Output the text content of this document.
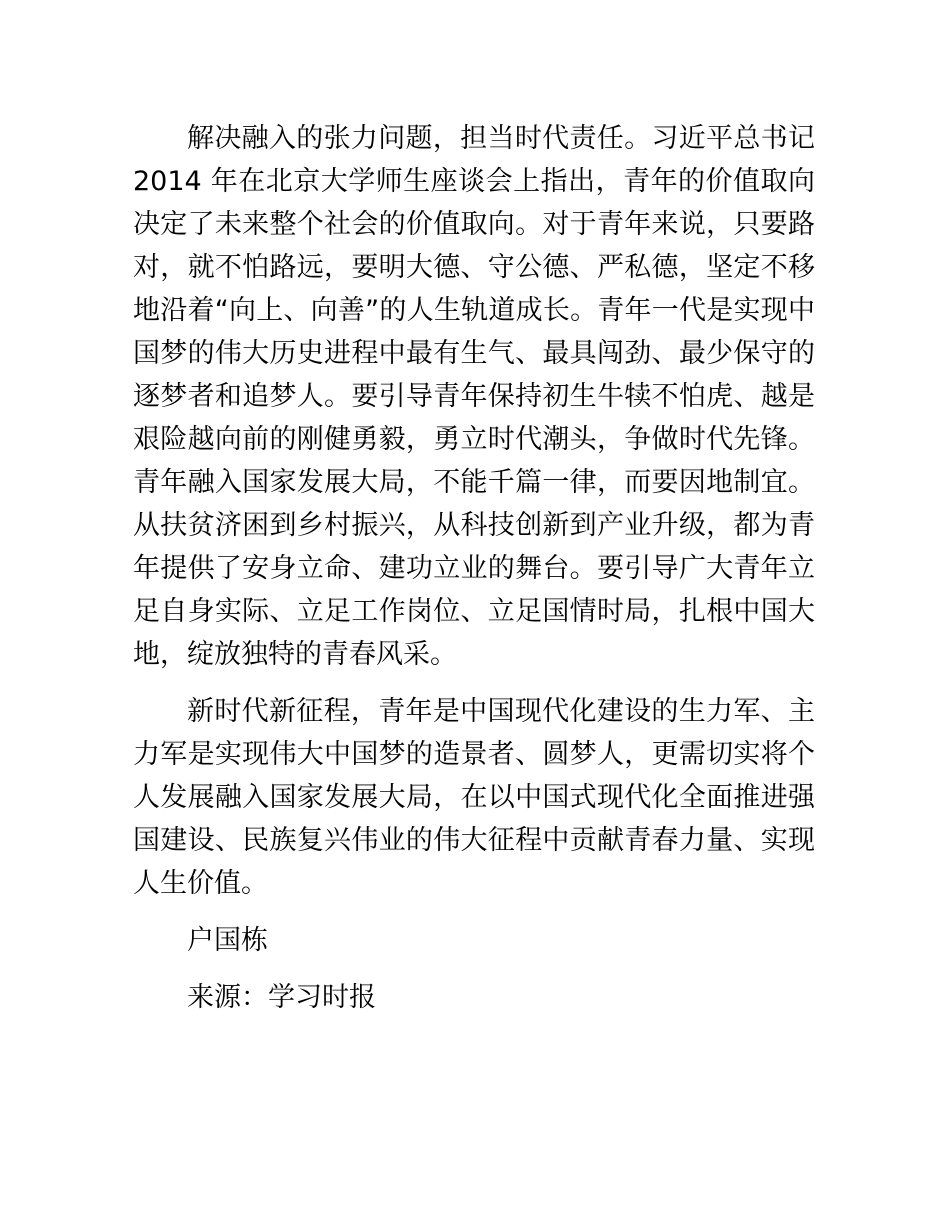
解决融入的张力问题，担当时代责任。习近平总书记 2014 年在北京大学师生座谈会上指出，青年的价值取向决定了未来整个社会的价值取向。对于青年来说，只要路对，就不怕路远，要明大德、守公德、严私德，坚定不移地沿着“向上、向善”的人生轨道成长。青年一代是实现中国梦的伟大历史进程中最有生气、最具闯劲、最少保守的逐梦者和追梦人。要引导青年保持初生牛犊不怕虎、越是艰险越向前的刚健勇毅，勇立时代潮头，争做时代先锋。青年融入国家发展大局，不能千篇一律，而要因地制宜。从扶贫济困到乡村振兴，从科技创新到产业升级，都为青年提供了安身立命、建功立业的舞台。要引导广大青年立足自身实际、立足工作岗位、立足国情时局，扎根中国大地，绽放独特的青春风采。

新时代新征程，青年是中国现代化建设的生力军、主力军是实现伟大中国梦的造景者、圆梦人，更需切实将个人发展融入国家发展大局，在以中国式现代化全面推进强国建设、民族复兴伟业的伟大征程中贡献青春力量、实现人生价值。

户国栋

来源：学习时报
